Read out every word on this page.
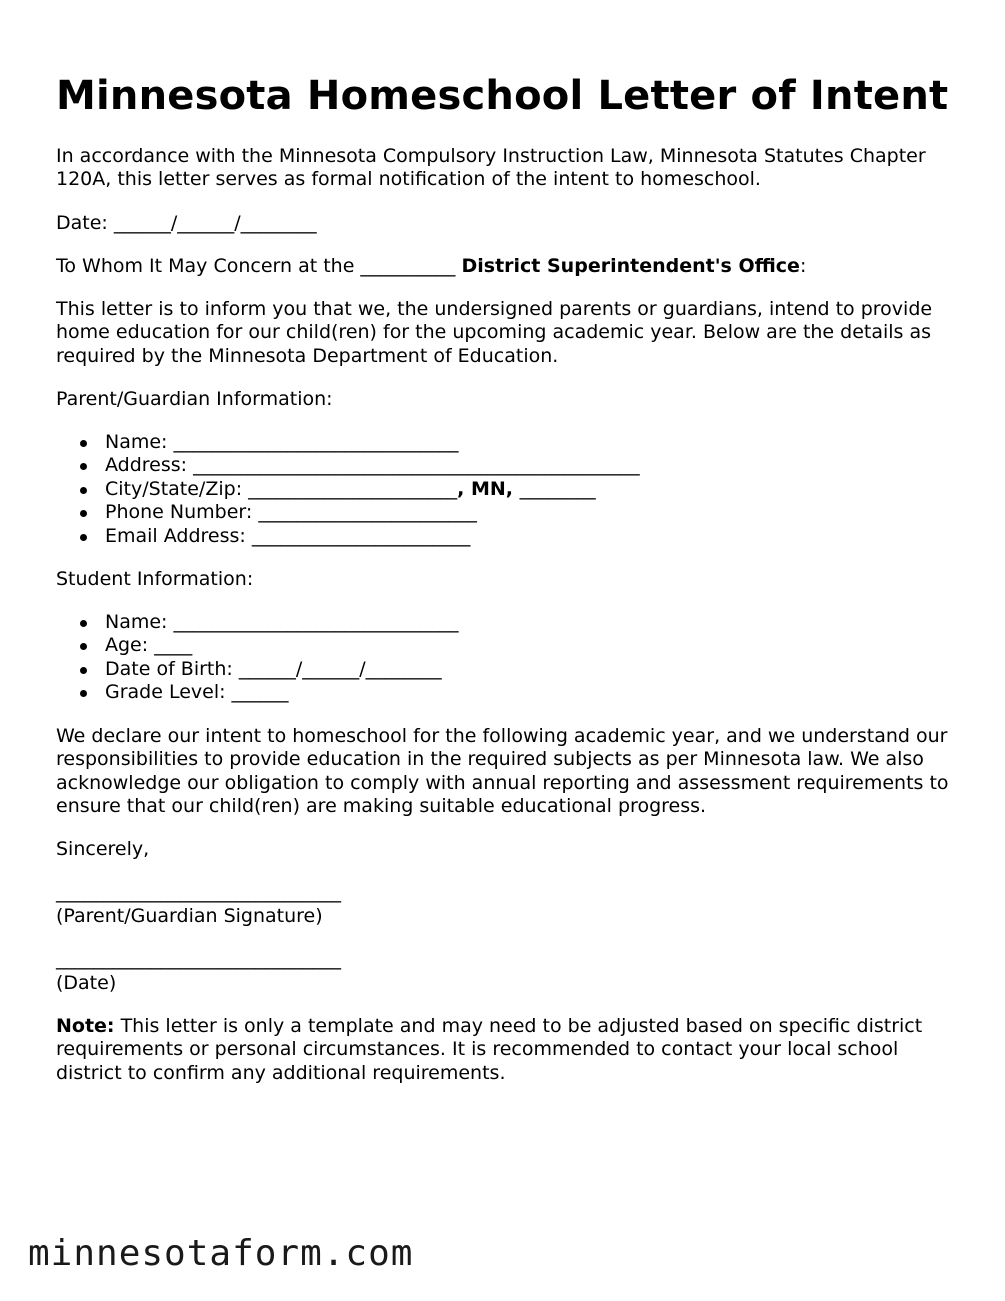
Minnesota Homeschool Letter of Intent

In accordance with the Minnesota Compulsory Instruction Law, Minnesota Statutes Chapter 120A, this letter serves as formal notification of the intent to homeschool.

Date: ______/______/________

To Whom It May Concern at the __________ District Superintendent's Office:

This letter is to inform you that we, the undersigned parents or guardians, intend to provide home education for our child(ren) for the upcoming academic year. Below are the details as required by the Minnesota Department of Education.

Parent/Guardian Information:

Name: ______________________________
Address: _______________________________________________
City/State/Zip: ______________________, MN, ________
Phone Number: _______________________
Email Address: _______________________

Student Information:

Name: ______________________________
Age: ____
Date of Birth: ______/______/________
Grade Level: ______

We declare our intent to homeschool for the following academic year, and we understand our responsibilities to provide education in the required subjects as per Minnesota law. We also acknowledge our obligation to comply with annual reporting and assessment requirements to ensure that our child(ren) are making suitable educational progress.

Sincerely,

______________________________

(Parent/Guardian Signature)

______________________________

(Date)

Note: This letter is only a template and may need to be adjusted based on specific district requirements or personal circumstances. It is recommended to contact your local school district to confirm any additional requirements.

minnesotaform.com
